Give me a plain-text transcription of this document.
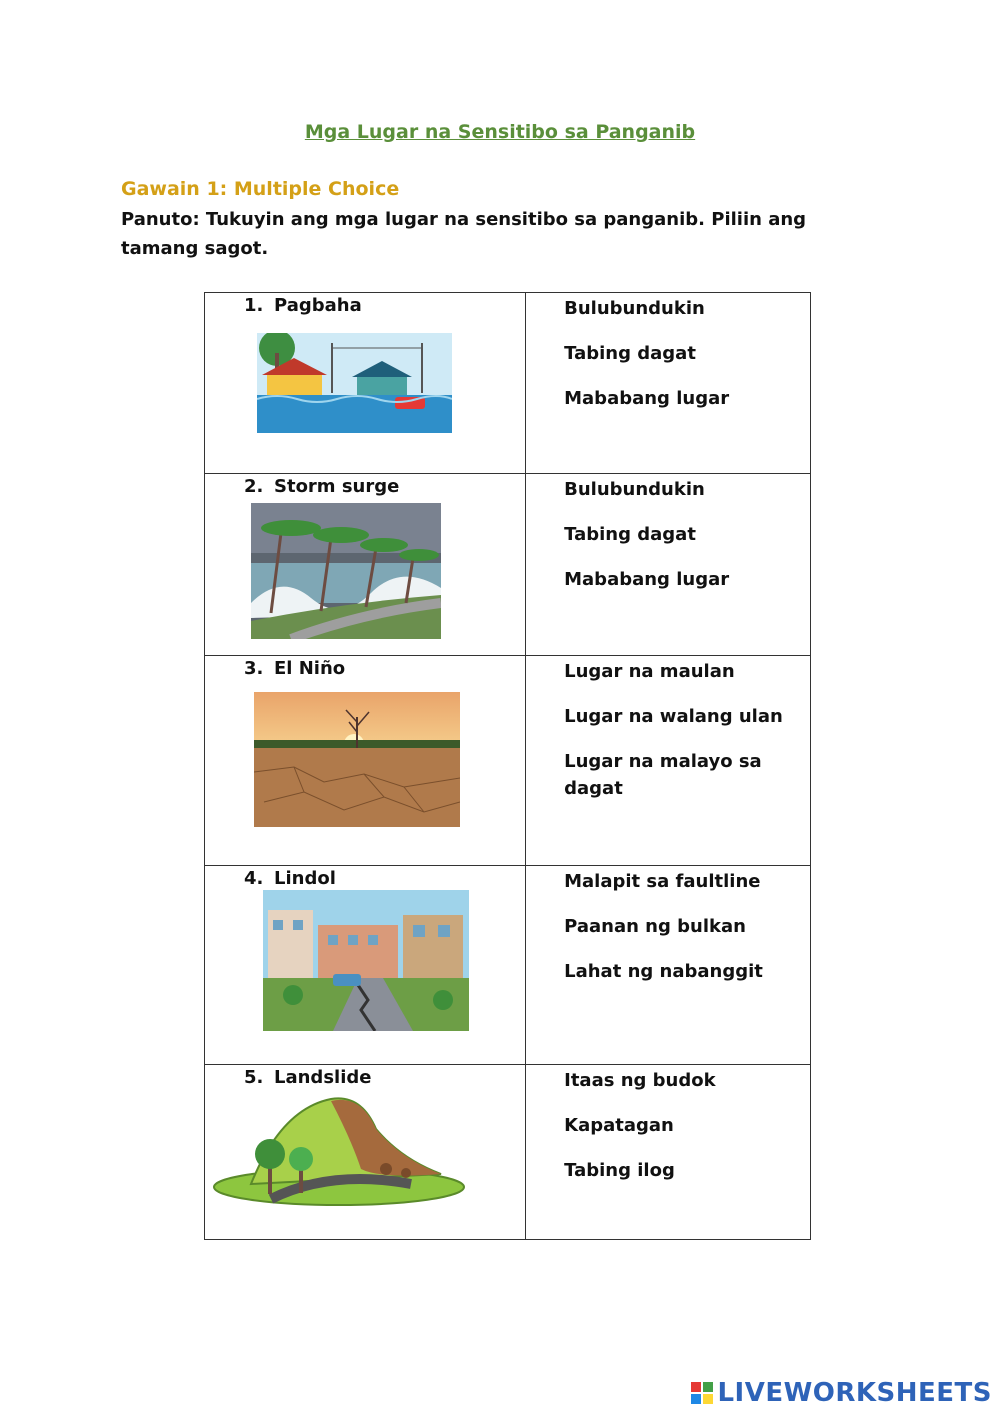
Mga Lugar na Sensitibo sa Panganib
Gawain 1: Multiple Choice
Panuto: Tukuyin ang mga lugar na sensitibo sa panganib. Piliin ang tamang sagot.
1. Pagbaha	Bulubundukin
Tabing dagat
Mababang lugar

2. Storm surge	Bulubundukin
Tabing dagat
Mababang lugar

3. El Niño	Lugar na maulan
Lugar na walang ulan
Lugar na malayo sa dagat

4. Lindol	Malapit sa faultline
Paanan ng bulkan
Lahat ng nabanggit

5. Landslide	Itaas ng budok
Kapatagan
Tabing ilog
LIVEWORKSHEETS
